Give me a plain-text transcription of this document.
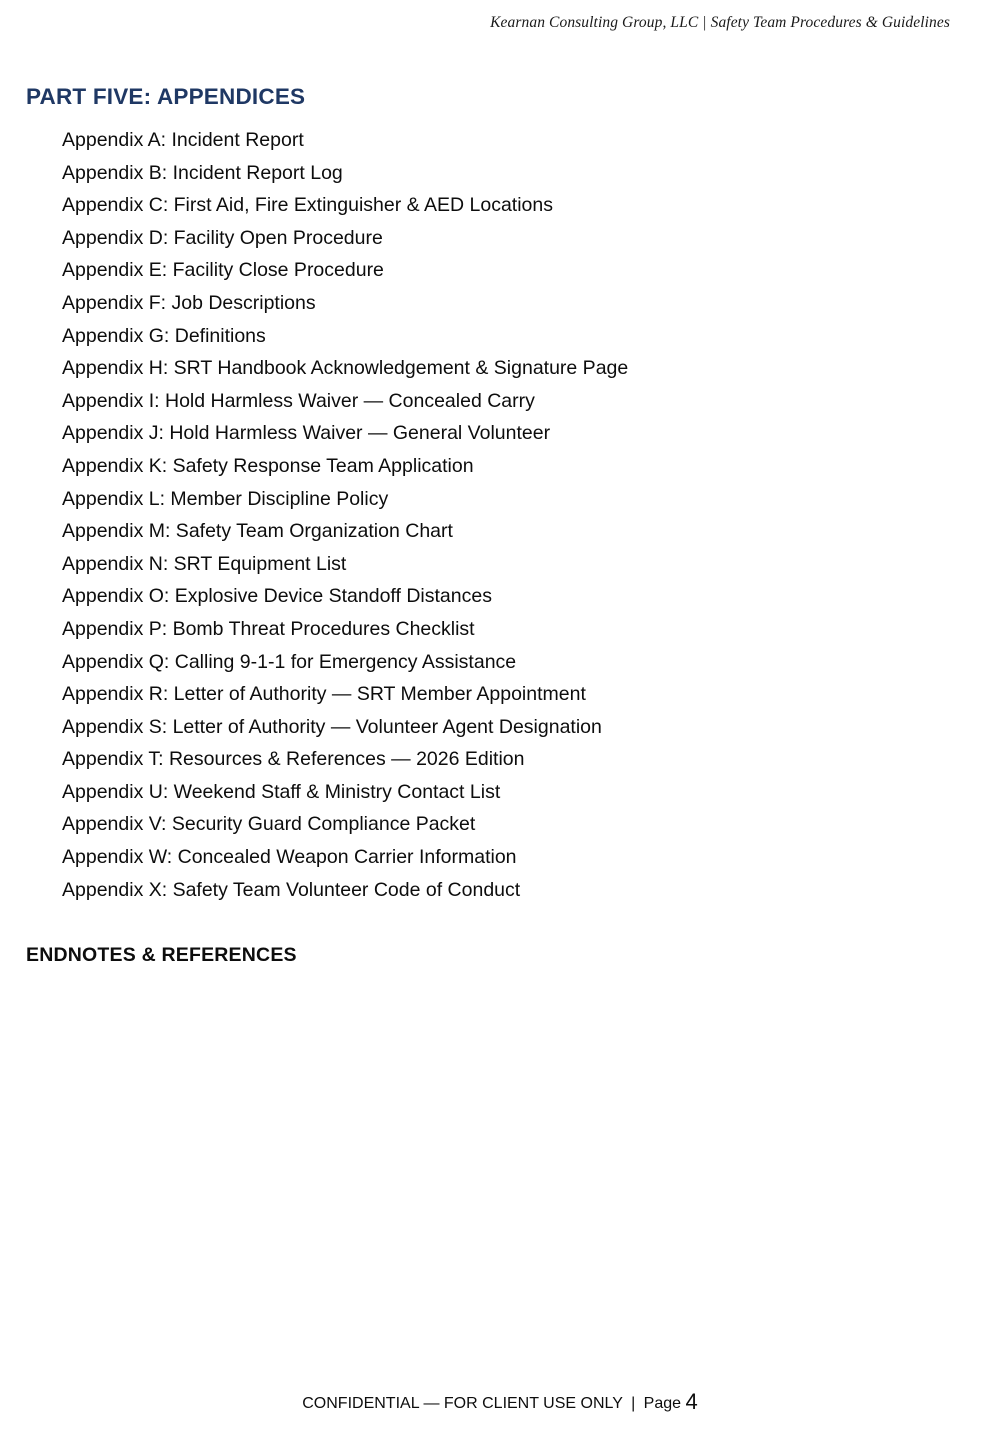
Kearnan Consulting Group, LLC | Safety Team Procedures & Guidelines
PART FIVE: APPENDICES
Appendix A: Incident Report
Appendix B: Incident Report Log
Appendix C: First Aid, Fire Extinguisher & AED Locations
Appendix D: Facility Open Procedure
Appendix E: Facility Close Procedure
Appendix F: Job Descriptions
Appendix G: Definitions
Appendix H: SRT Handbook Acknowledgement & Signature Page
Appendix I: Hold Harmless Waiver — Concealed Carry
Appendix J: Hold Harmless Waiver — General Volunteer
Appendix K: Safety Response Team Application
Appendix L: Member Discipline Policy
Appendix M: Safety Team Organization Chart
Appendix N: SRT Equipment List
Appendix O: Explosive Device Standoff Distances
Appendix P: Bomb Threat Procedures Checklist
Appendix Q: Calling 9-1-1 for Emergency Assistance
Appendix R: Letter of Authority — SRT Member Appointment
Appendix S: Letter of Authority — Volunteer Agent Designation
Appendix T: Resources & References — 2026 Edition
Appendix U: Weekend Staff & Ministry Contact List
Appendix V: Security Guard Compliance Packet
Appendix W: Concealed Weapon Carrier Information
Appendix X: Safety Team Volunteer Code of Conduct
ENDNOTES & REFERENCES
CONFIDENTIAL — FOR CLIENT USE ONLY | Page 4
